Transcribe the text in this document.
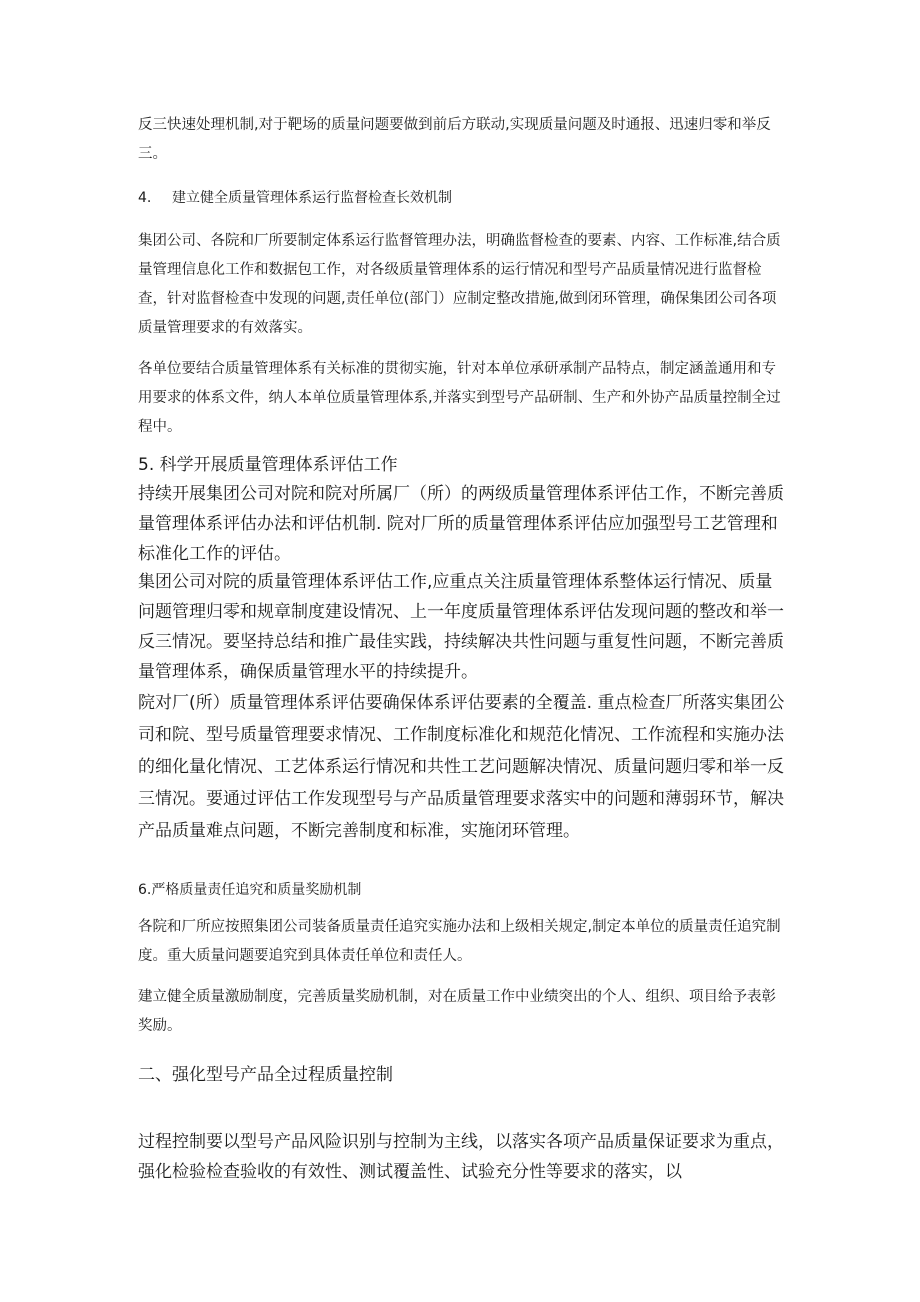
反三快速处理机制,对于靶场的质量问题要做到前后方联动,实现质量问题及时通报、迅速归零和举反三。

4. 建立健全质量管理体系运行监督检查长效机制

集团公司、各院和厂所要制定体系运行监督管理办法，明确监督检查的要素、内容、工作标准,结合质量管理信息化工作和数据包工作，对各级质量管理体系的运行情况和型号产品质量情况进行监督检查，针对监督检查中发现的问题,责任单位(部门）应制定整改措施,做到闭环管理，确保集团公司各项质量管理要求的有效落实。

各单位要结合质量管理体系有关标准的贯彻实施，针对本单位承研承制产品特点，制定涵盖通用和专用要求的体系文件，纳人本单位质量管理体系,并落实到型号产品研制、生产和外协产品质量控制全过程中。

5. 科学开展质量管理体系评估工作

持续开展集团公司对院和院对所属厂（所）的两级质量管理体系评估工作，不断完善质量管理体系评估办法和评估机制. 院对厂所的质量管理体系评估应加强型号工艺管理和标准化工作的评估。

集团公司对院的质量管理体系评估工作,应重点关注质量管理体系整体运行情况、质量问题管理归零和规章制度建设情况、上一年度质量管理体系评估发现问题的整改和举一反三情况。要坚持总结和推广最佳实践，持续解决共性问题与重复性问题，不断完善质量管理体系，确保质量管理水平的持续提升。

院对厂(所）质量管理体系评估要确保体系评估要素的全覆盖. 重点检查厂所落实集团公司和院、型号质量管理要求情况、工作制度标准化和规范化情况、工作流程和实施办法的细化量化情况、工艺体系运行情况和共性工艺问题解决情况、质量问题归零和举一反三情况。要通过评估工作发现型号与产品质量管理要求落实中的问题和薄弱环节，解决产品质量难点问题，不断完善制度和标准，实施闭环管理。

6.严格质量责任追究和质量奖励机制

各院和厂所应按照集团公司装备质量责任追究实施办法和上级相关规定,制定本单位的质量责任追究制度。重大质量问题要追究到具体责任单位和责任人。

建立健全质量激励制度，完善质量奖励机制，对在质量工作中业绩突出的个人、组织、项目给予表彰奖励。

二、强化型号产品全过程质量控制

过程控制要以型号产品风险识别与控制为主线，以落实各项产品质量保证要求为重点，强化检验检查验收的有效性、测试覆盖性、试验充分性等要求的落实，以
